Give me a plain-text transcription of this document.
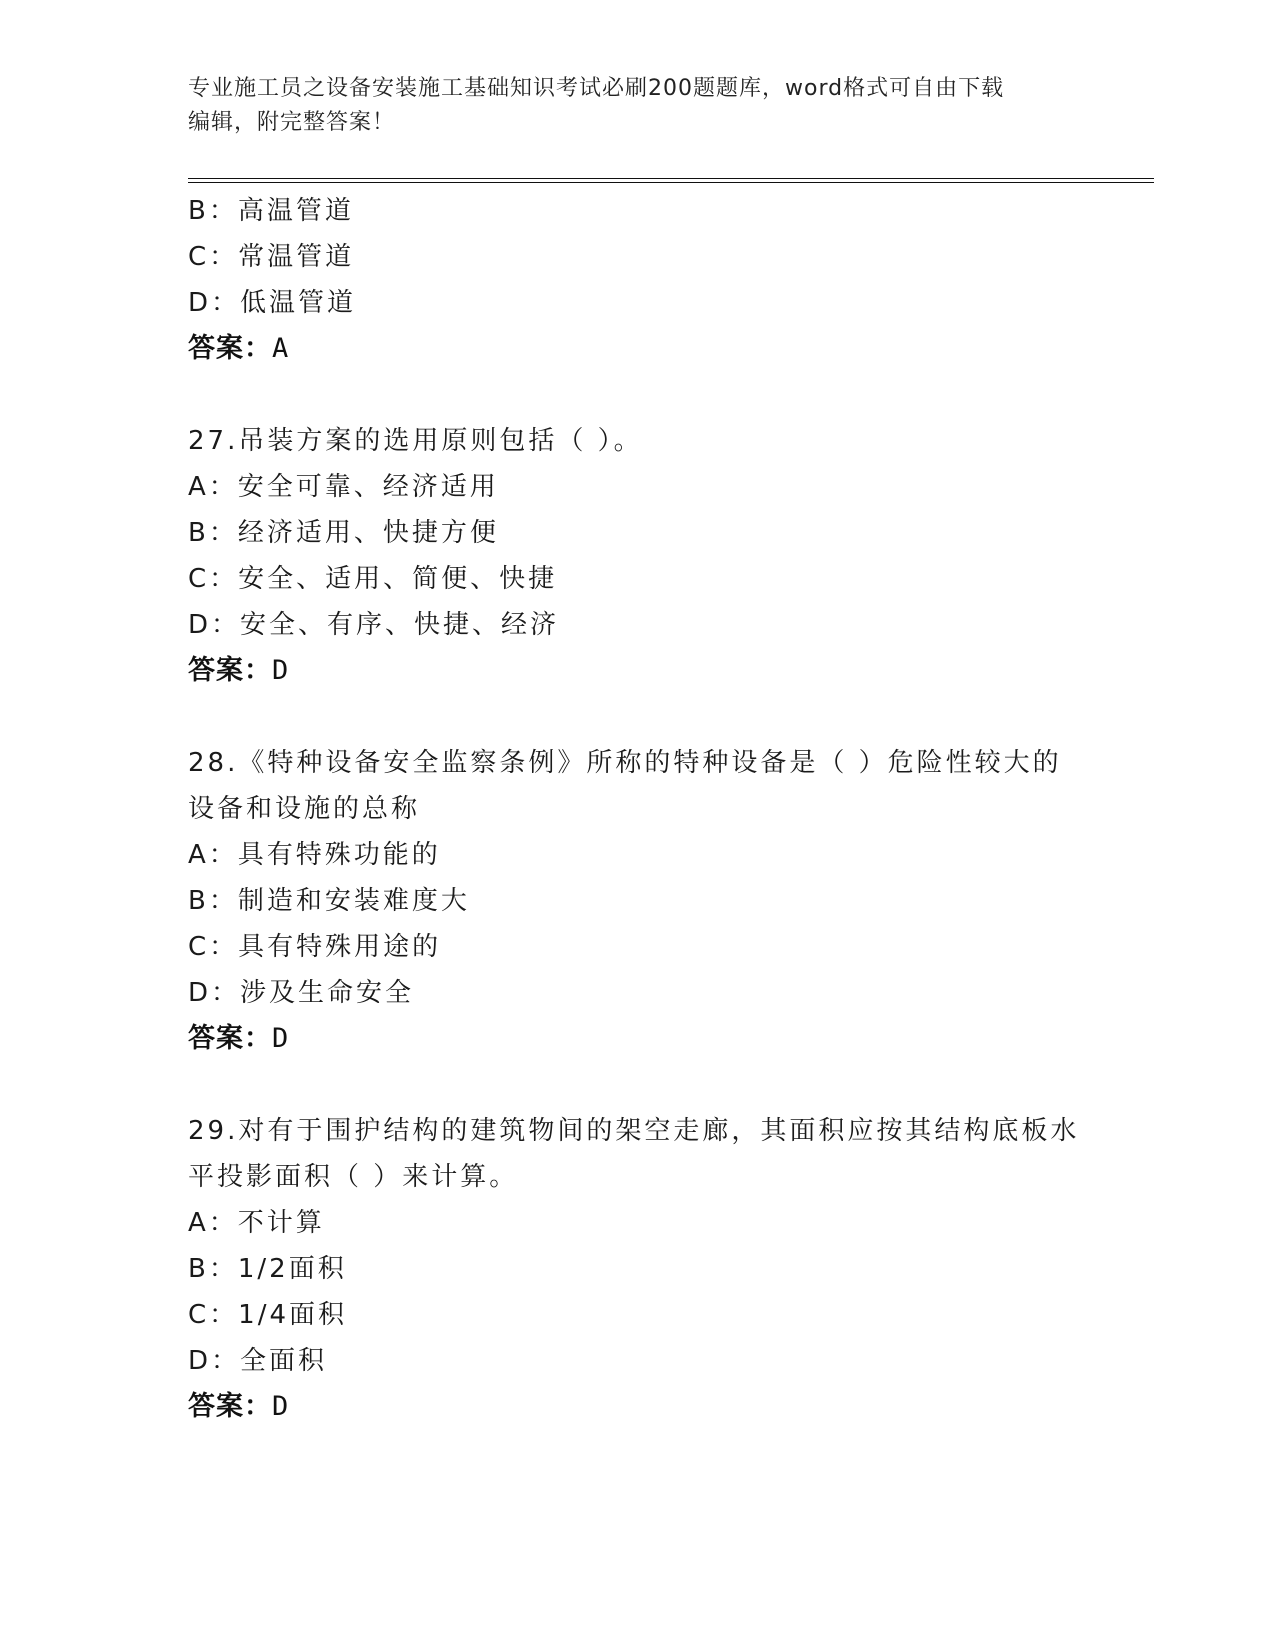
专业施工员之设备安装施工基础知识考试必刷200题题库，word格式可自由下载
编辑，附完整答案！
B：高温管道
C：常温管道
D：低温管道
答案：A
27.吊装方案的选用原则包括（ ）。
A：安全可靠、经济适用
B：经济适用、快捷方便
C：安全、适用、简便、快捷
D：安全、有序、快捷、经济
答案：D
28.《特种设备安全监察条例》所称的特种设备是（ ）危险性较大的
设备和设施的总称
A：具有特殊功能的
B：制造和安装难度大
C：具有特殊用途的
D：涉及生命安全
答案：D
29.对有于围护结构的建筑物间的架空走廊，其面积应按其结构底板水
平投影面积（ ）来计算。
A：不计算
B：1/2面积
C：1/4面积
D：全面积
答案：D
